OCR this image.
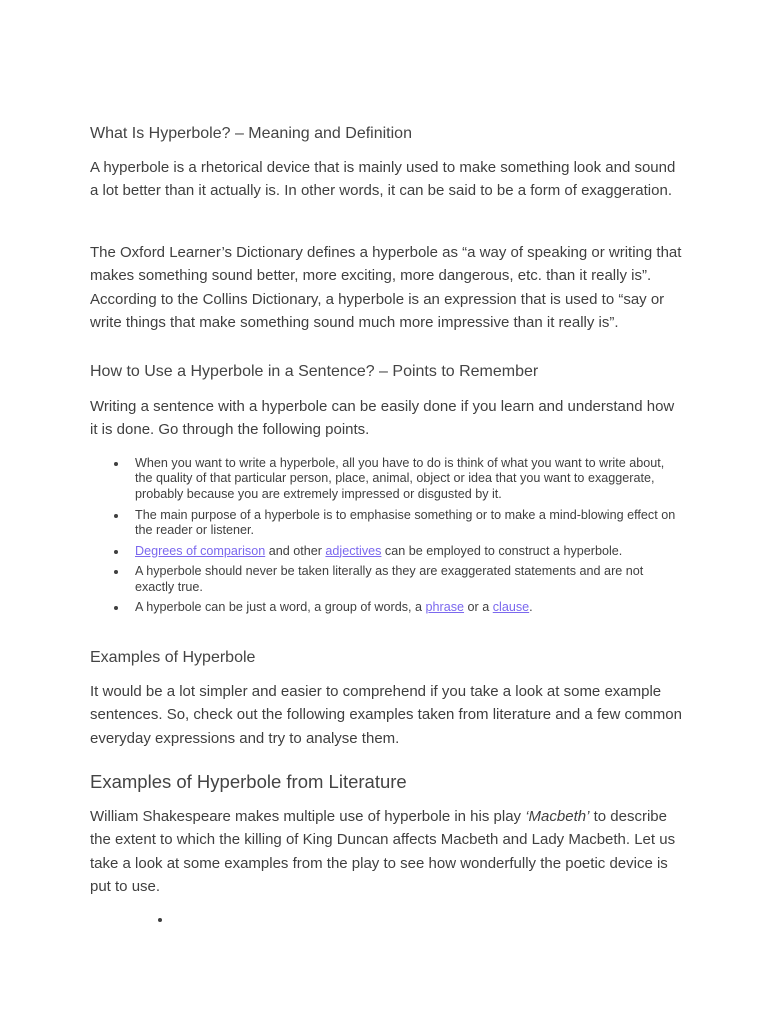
What Is Hyperbole? – Meaning and Definition

A hyperbole is a rhetorical device that is mainly used to make something look and sound a lot better than it actually is. In other words, it can be said to be a form of exaggeration.

The Oxford Learner’s Dictionary defines a hyperbole as “a way of speaking or writing that makes something sound better, more exciting, more dangerous, etc. than it really is”. According to the Collins Dictionary, a hyperbole is an expression that is used to “say or write things that make something sound much more impressive than it really is”.

How to Use a Hyperbole in a Sentence? – Points to Remember

Writing a sentence with a hyperbole can be easily done if you learn and understand how it is done. Go through the following points.

When you want to write a hyperbole, all you have to do is think of what you want to write about, the quality of that particular person, place, animal, object or idea that you want to exaggerate, probably because you are extremely impressed or disgusted by it.
The main purpose of a hyperbole is to emphasise something or to make a mind-blowing effect on the reader or listener.
Degrees of comparison and other adjectives can be employed to construct a hyperbole.
A hyperbole should never be taken literally as they are exaggerated statements and are not exactly true.
A hyperbole can be just a word, a group of words, a phrase or a clause.
Examples of Hyperbole

It would be a lot simpler and easier to comprehend if you take a look at some example sentences. So, check out the following examples taken from literature and a few common everyday expressions and try to analyse them.

Examples of Hyperbole from Literature

William Shakespeare makes multiple use of hyperbole in his play ‘Macbeth’ to describe the extent to which the killing of King Duncan affects Macbeth and Lady Macbeth. Let us take a look at some examples from the play to see how wonderfully the poetic device is put to use.
